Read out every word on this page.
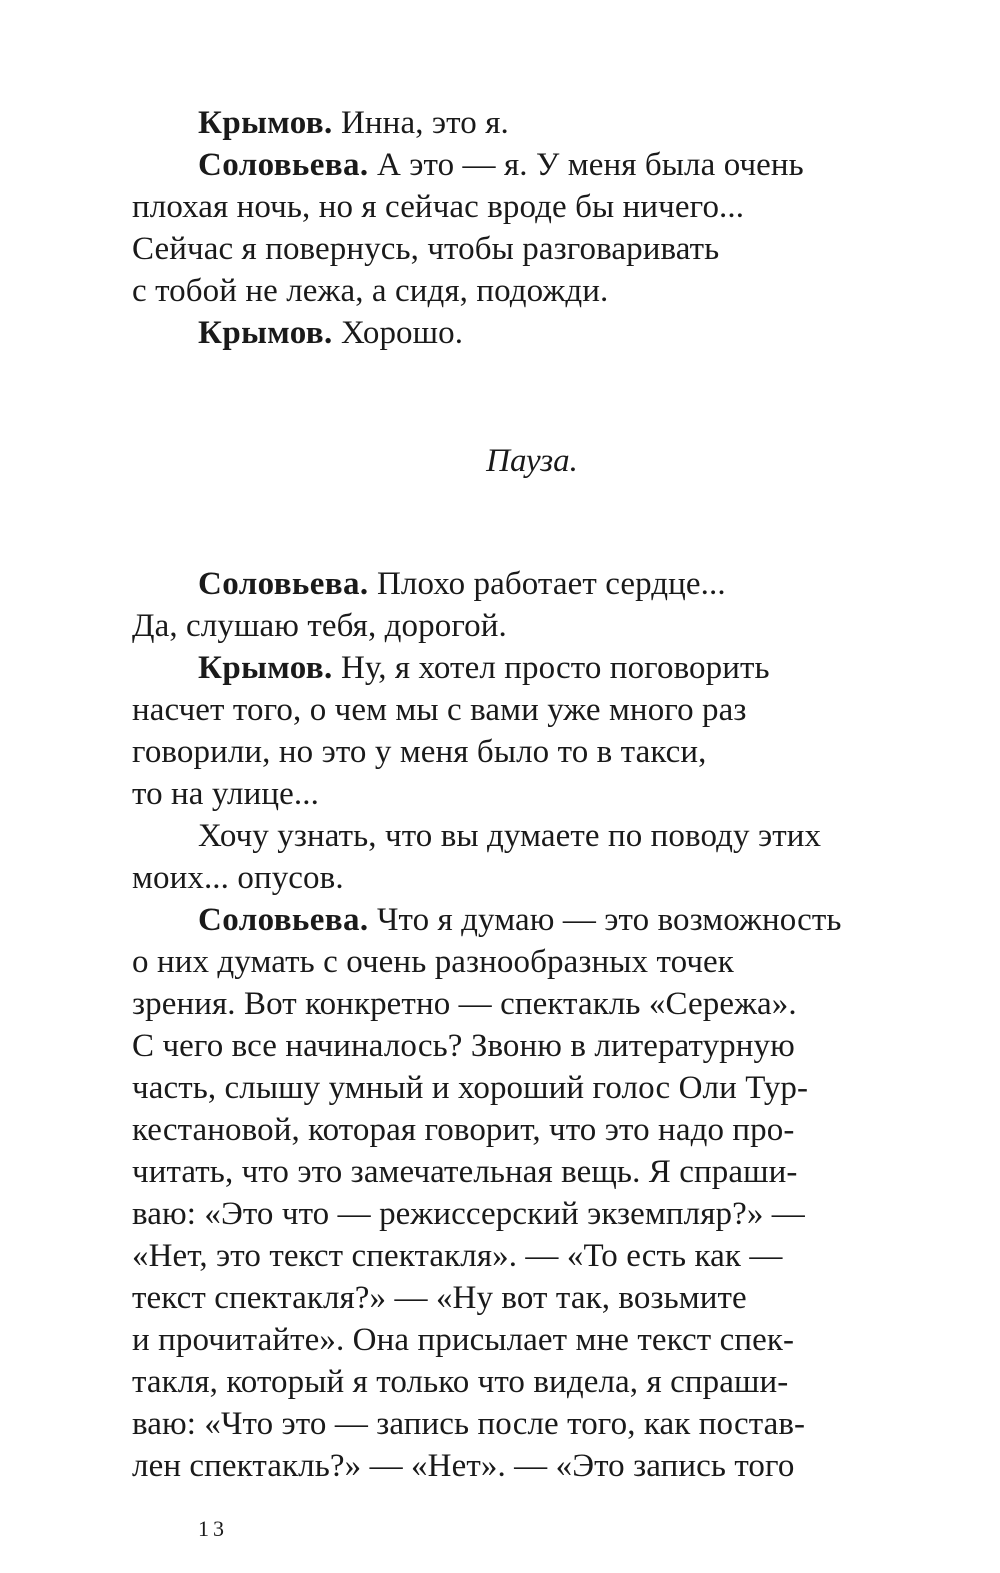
Крымов. Инна, это я.
Соловьева. А это — я. У меня была очень
плохая ночь, но я сейчас вроде бы ничего...
Сейчас я повернусь, чтобы разговаривать
с тобой не лежа, а сидя, подожди.
Крымов. Хорошо.
Пауза.
Соловьева. Плохо работает сердце...
Да, слушаю тебя, дорогой.
Крымов. Ну, я хотел просто поговорить
насчет того, о чем мы с вами уже много раз
говорили, но это у меня было то в такси,
то на улице...
Хочу узнать, что вы думаете по поводу этих
моих... опусов.
Соловьева. Что я думаю — это возможность
о них думать с очень разнообразных точек
зрения. Вот конкретно — спектакль «Сережа».
С чего все начиналось? Звоню в литературную
часть, слышу умный и хороший голос Оли Тур-
кестановой, которая говорит, что это надо про-
читать, что это замечательная вещь. Я спраши-
ваю: «Это что — режиссерский экземпляр?» —
«Нет, это текст спектакля». — «То есть как —
текст спектакля?» — «Ну вот так, возьмите
и прочитайте». Она присылает мне текст спек-
такля, который я только что видела, я спраши-
ваю: «Что это — запись после того, как постав-
лен спектакль?» — «Нет». — «Это запись того
13
